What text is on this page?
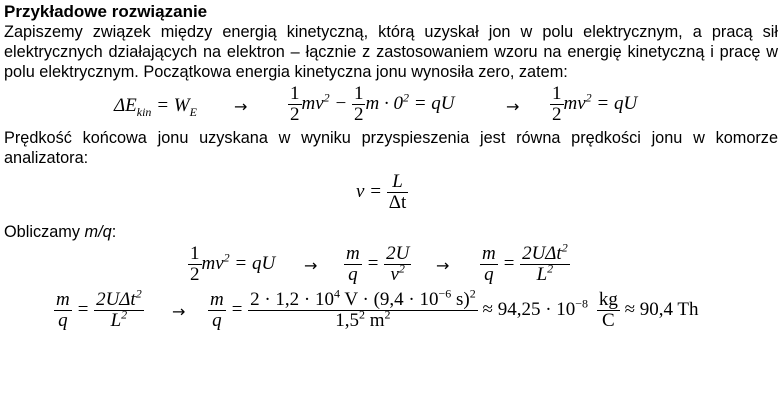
Przykładowe rozwiązanie
Zapiszemy związek między energią kinetyczną, którą uzyskał jon w polu elektrycznym, a pracą sił elektrycznych działających na elektron – łącznie z zastosowaniem wzoru na energię kinetyczną i pracę w polu elektrycznym. Początkowa energia kinetyczna jonu wynosiła zero, zatem:
$\Delta E_{kin} = W_E \to \frac{1}{2} mv^2 - \frac{1}{2}$ $m \cdot 0^2$ = qU	→ $\frac{1}{2} mv^2$ = qU
Prędkość końcowa jonu uzyskana w wyniku przyspieszenia jest równa prędkości jonu w komorze analizatora:
$v = \frac{L}{\Delta t}$
Obliczamy m/q:
$\frac{1}{2} mv^2$ = qU → $\frac{m}{q} = \frac{2U}{v^2} \to \frac{m}{q} = \frac{2U\Delta t^2}{L^2}$
$\frac{m}{q} = \frac{2U\Delta t^2}{L^2} \to \frac{m}{q} = \frac{2 \cdot 1,2 \cdot 10^4 V \cdot (9,4 \cdot 10^{-6} s)^2}{1,5^2 m^2} \approx 94,25 \cdot 10^{-8} \frac{kg}{C} \approx 90,4$ Th
